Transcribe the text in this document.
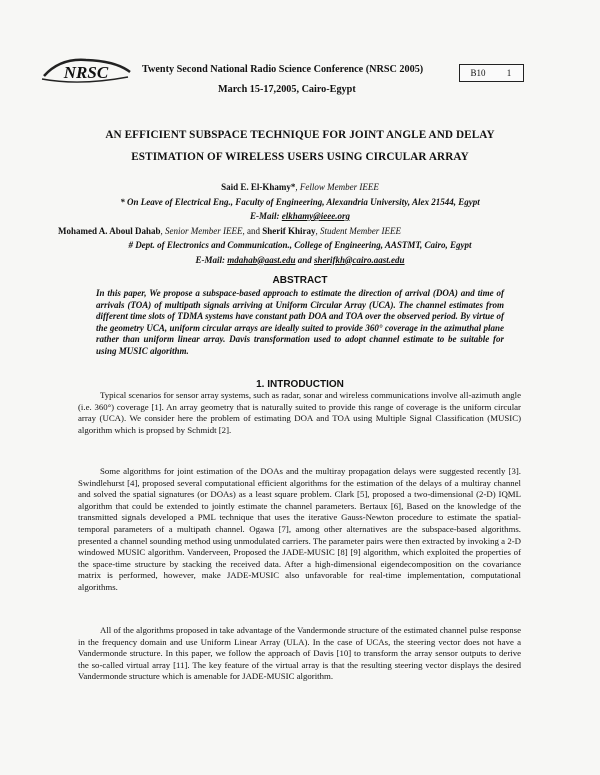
NRSC	Twenty Second National Radio Science Conference (NRSC 2005)
March 15-17,2005, Cairo-Egypt
B10	1
AN EFFICIENT SUBSPACE TECHNIQUE FOR JOINT ANGLE AND DELAY
ESTIMATION OF WIRELESS USERS USING CIRCULAR ARRAY
Said E. El-Khamy*, Fellow Member IEEE
* On Leave of Electrical Eng., Faculty of Engineering, Alexandria University, Alex 21544, Egypt
E-Mail: elkhamy@ieee.org
Mohamed A. Aboul Dahab, Senior Member IEEE, and Sherif Khiray, Student Member IEEE
# Dept. of Electronics and Communication., College of Engineering, AASTMT, Cairo, Egypt
E-Mail: mdahab@aast.edu and sherifkh@cairo.aast.edu
ABSTRACT
In this paper, We propose a subspace-based approach to estimate the direction of arrival (DOA) and time of arrivals (TOA) of multipath signals arriving at Uniform Circular Array (UCA). The channel estimates from different time slots of TDMA systems have constant path DOA and TOA over the observed period. By virtue of the geometry UCA, uniform circular arrays are ideally suited to provide 360° coverage in the azimuthal plane rather than uniform linear array. Davis transformation used to adopt channel estimate to be suitable for using MUSIC algorithm.
1. INTRODUCTION
Typical scenarios for sensor array systems, such as radar, sonar and wireless communications involve all-azimuth angle (i.e. 360°) coverage [1]. An array geometry that is naturally suited to provide this range of coverage is the uniform circular array (UCA). We consider here the problem of estimating DOA and TOA using Multiple Signal Classification (MUSIC) algorithm which is propsed by Schmidt [2].
Some algorithms for joint estimation of the DOAs and the multiray propagation delays were suggested recently [3]. Swindlehurst [4], proposed several computational efficient algorithms for the estimation of the delays of a multiray channel and solved the spatial signatures (or DOAs) as a least square problem. Clark [5], proposed a two-dimensional (2-D) IQML algorithm that could be extended to jointly estimate the channel parameters. Bertaux [6], Based on the knowledge of the transmitted signals developed a PML technique that uses the iterative Gauss-Newton procedure to estimate the spatial-temporal parameters of a multipath channel. Ogawa [7], among other alternatives are the subspace-based algorithms. presented a channel sounding method using unmodulated carriers. The parameter pairs were then extracted by invoking a 2-D windowed MUSIC algorithm. Vanderveen, Proposed the JADE-MUSIC [8] [9] algorithm, which exploited the properties of the space-time structure by stacking the received data. After a high-dimensional eigendecomposition on the covariance matrix is performed, however, make JADE-MUSIC also unfavorable for real-time implementation, computational algorithms.
All of the algorithms proposed in take advantage of the Vandermonde structure of the estimated channel pulse response in the frequency domain and use Uniform Linear Array (ULA). In the case of UCAs, the steering vector does not have a Vandermonde structure. In this paper, we follow the approach of Davis [10] to transform the array sensor outputs to derive the so-called virtual array [11]. The key feature of the virtual array is that the resulting steering vector displays the desired Vandermonde structure which is amenable for JADE-MUSIC algorithm.
